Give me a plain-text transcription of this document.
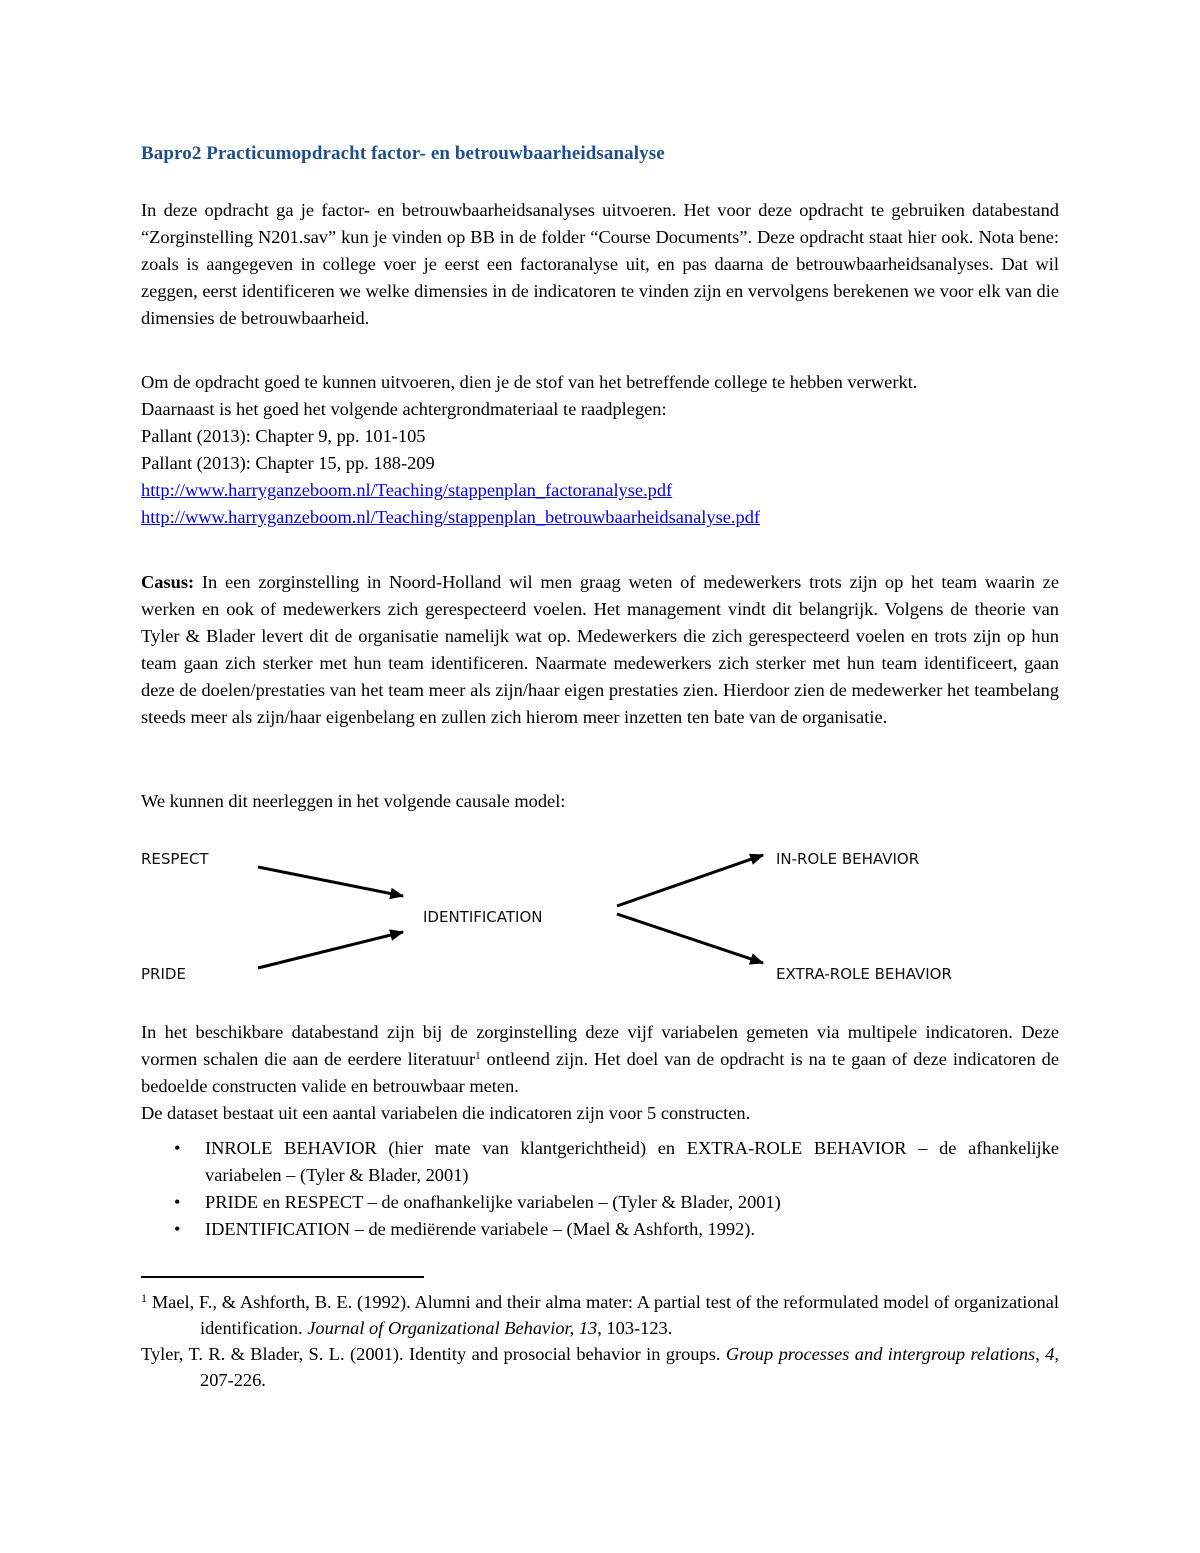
Bapro2 Practicumopdracht factor- en betrouwbaarheidsanalyse

In deze opdracht ga je factor- en betrouwbaarheidsanalyses uitvoeren. Het voor deze opdracht te gebruiken databestand “Zorginstelling N201.sav” kun je vinden op BB in de folder “Course Documents”. Deze opdracht staat hier ook. Nota bene: zoals is aangegeven in college voer je eerst een factoranalyse uit, en pas daarna de betrouwbaarheidsanalyses. Dat wil zeggen, eerst identificeren we welke dimensies in de indicatoren te vinden zijn en vervolgens berekenen we voor elk van die dimensies de betrouwbaarheid.

Om de opdracht goed te kunnen uitvoeren, dien je de stof van het betreffende college te hebben verwerkt.
Daarnaast is het goed het volgende achtergrondmateriaal te raadplegen:
Pallant (2013): Chapter 9, pp. 101-105
Pallant (2013): Chapter 15, pp. 188-209
http://www.harryganzeboom.nl/Teaching/stappenplan_factoranalyse.pdf
http://www.harryganzeboom.nl/Teaching/stappenplan_betrouwbaarheidsanalyse.pdf

Casus: In een zorginstelling in Noord-Holland wil men graag weten of medewerkers trots zijn op het team waarin ze werken en ook of medewerkers zich gerespecteerd voelen. Het management vindt dit belangrijk. Volgens de theorie van Tyler & Blader levert dit de organisatie namelijk wat op. Medewerkers die zich gerespecteerd voelen en trots zijn op hun team gaan zich sterker met hun team identificeren. Naarmate medewerkers zich sterker met hun team identificeert, gaan deze de doelen/prestaties van het team meer als zijn/haar eigen prestaties zien. Hierdoor zien de medewerker het teambelang steeds meer als zijn/haar eigenbelang en zullen zich hierom meer inzetten ten bate van de organisatie.

We kunnen dit neerleggen in het volgende causale model:

RESPECT
PRIDE
IDENTIFICATION
IN-ROLE BEHAVIOR
EXTRA-ROLE BEHAVIOR
In het beschikbare databestand zijn bij de zorginstelling deze vijf variabelen gemeten via multipele indicatoren. Deze vormen schalen die aan de eerdere literatuur$^1$ ontleend zijn. Het doel van de opdracht is na te gaan of deze indicatoren de bedoelde constructen valide en betrouwbaar meten.
De dataset bestaat uit een aantal variabelen die indicatoren zijn voor 5 constructen.
• INROLE BEHAVIOR (hier mate van klantgerichtheid) en EXTRA-ROLE BEHAVIOR – de afhankelijke variabelen – (Tyler & Blader, 2001)
• PRIDE en RESPECT – de onafhankelijke variabelen – (Tyler & Blader, 2001)
• IDENTIFICATION – de mediërende variabele – (Mael & Ashforth, 1992).

$^1$ Mael, F., & Ashforth, B. E. (1992). Alumni and their alma mater: A partial test of the reformulated model of organizational identification. Journal of Organizational Behavior, 13, 103-123.

Tyler, T. R. & Blader, S. L. (2001). Identity and prosocial behavior in groups. Group processes and intergroup relations, 4, 207-226.
